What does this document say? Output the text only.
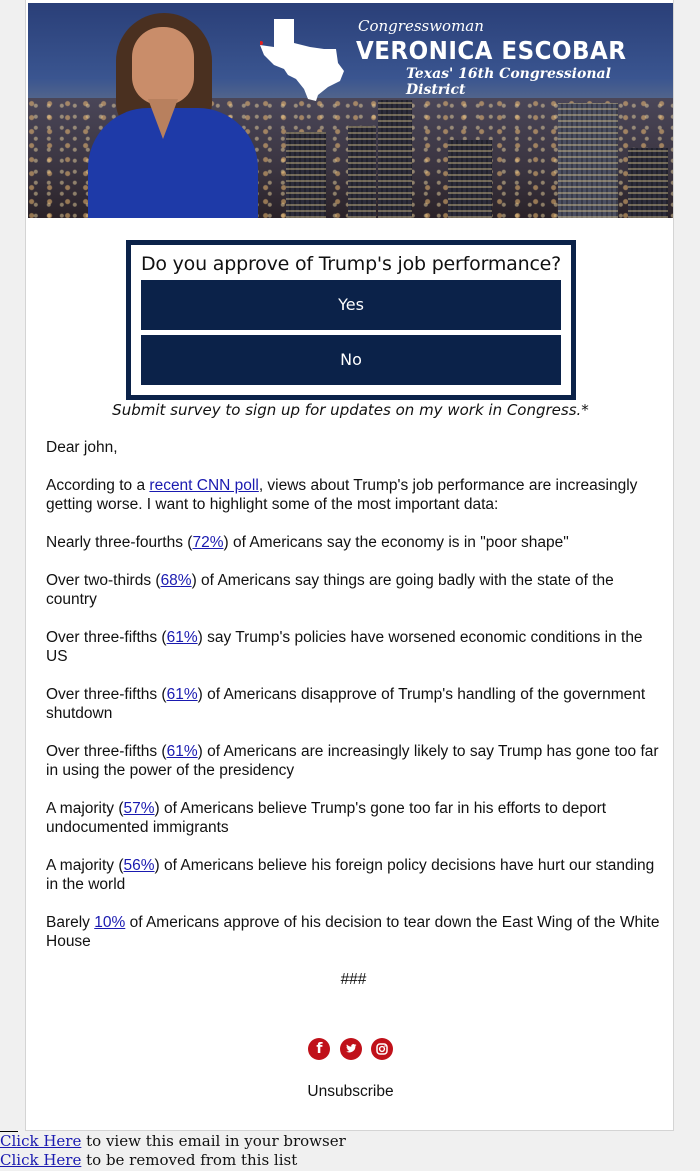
Congresswoman
VERONICA ESCOBAR
Texas' 16th Congressional District
Do you approve of Trump's job performance?
Yes
No
Submit survey to sign up for updates on my work in Congress.*

Dear john,

According to a recent CNN poll, views about Trump's job performance are increasingly getting worse. I want to highlight some of the most important data:

Nearly three-fourths (72%) of Americans say the economy is in "poor shape"

Over two-thirds (68%) of Americans say things are going badly with the state of the country

Over three-fifths (61%) say Trump's policies have worsened economic conditions in the US

Over three-fifths (61%) of Americans disapprove of Trump's handling of the government shutdown

Over three-fifths (61%) of Americans are increasingly likely to say Trump has gone too far in using the power of the presidency

A majority (57%) of Americans believe Trump's gone too far in his efforts to deport undocumented immigrants

A majority (56%) of Americans believe his foreign policy decisions have hurt our standing in the world

Barely 10% of Americans approve of his decision to tear down the East Wing of the White House

###

f
Unsubscribe
Click Here to view this email in your browser
Click Here to be removed from this list
